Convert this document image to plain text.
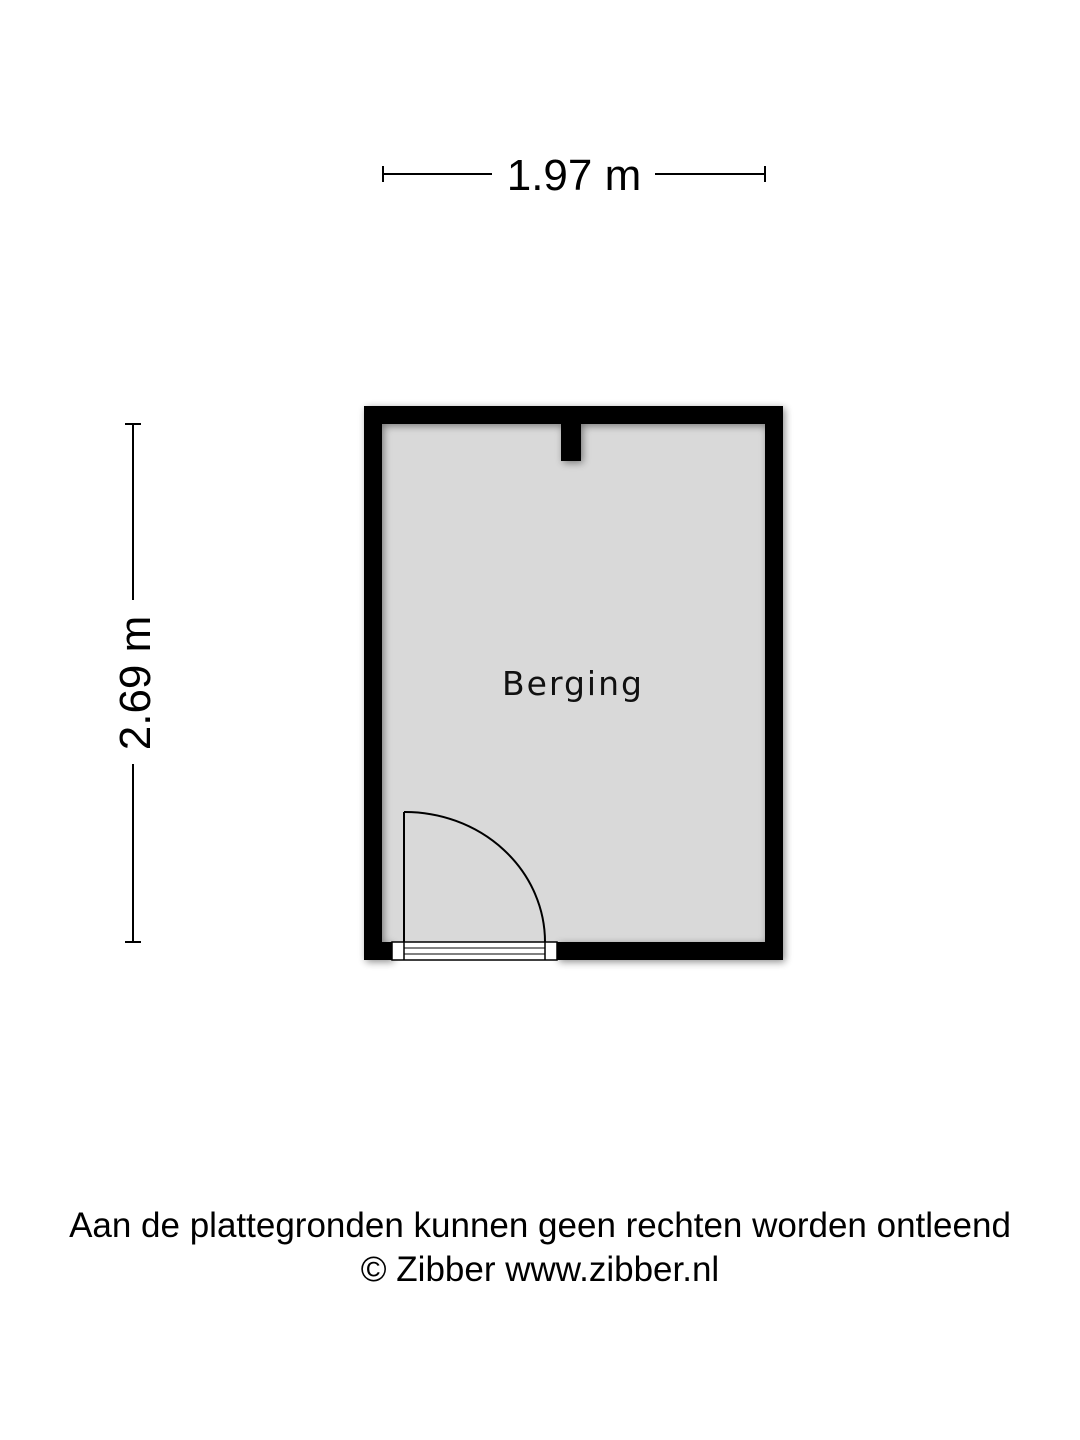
1.97 m
2.69 m	Berging
Aan de plattegronden kunnen geen rechten worden ontleend
© Zibber www.zibber.nl
